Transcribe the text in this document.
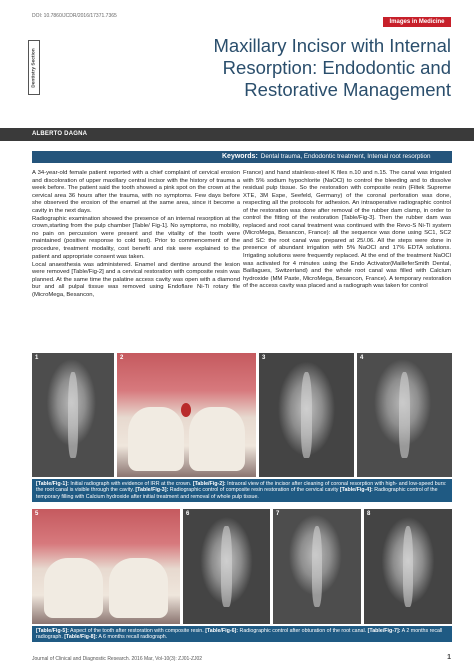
DOI: 10.7860/JCDR/2016/17371.7365
Images in Medicine
Dentistry Section
Maxillary Incisor with Internal
Resorption: Endodontic and
Restorative Management
ALBERTO DAGNA
Keywords: Dental trauma, Endodontic treatment, Internal root resorption

A 34-year-old female patient reported with a chief complaint of cervical erosion and discoloration of upper maxillary central incisor with the history of trauma a week before. The patient said the tooth showed a pink spot on the crown at the cervical area 36 hours after the trauma, with no symptoms. Few days before she observed the erosion of the enamel at the same area, since it become a cavity in the next days.

Radiographic examination showed the presence of an internal resorption at the crown,starting from the pulp chamber [Table/ Fig-1]. No symptoms, no mobility, no pain on percussion were present and the vitality of the tooth were maintained (positive response to cold test). Prior to commencement of the procedure, treatment modality, cost benefit and risk were explained to the patient and appropriate consent was taken.

Local anaesthesia was administered. Enamel and dentine around the lesion were removed [Table/Fig-2] and a cervical restoration with composite resin was planned. At the same time the palatine access cavity was open with a diamond bur and all pulpal tissue was removed using Endoflare Ni-Ti rotary file (MicroMega, Besancon,

France) and hand stainless-steel K files n.10 and n.15. The canal was irrigated with 5% sodium hypochlorite (NaOCl) to control the bleeding and to dissolve residual pulp tissue. So the restoration with composite resin (Filtek Supreme XTE, 3M Espe, Seefeld, Germany) of the coronal perforation was done, respecting all the protocols for adhesion. An intraoperative radiographic control of the restoration was done after removal of the rubber dam clamp, in order to control the fitting of the restoration [Table/Fig-3]. Then the rubber dam was replaced and root canal treatment was continued with the Revo-S Ni-Ti system (MicroMega, Besancon, France): all the sequence was done using SC1, SC2 and SC: the root canal was prepared at 25/.06. All the steps were done in presence of abundant irrigation with 5% NaOCl and 17% EDTA solutions. Irrigating solutions were frequently replaced. At the end of the treatment NaOCl was activated for 4 minutes using the Endo Activator(MailleferSmith Dental, Baillagues, Switzerland) and the whole root canal was filled with Calcium hydroxide (MM Paste, MicroMega, Besancon, France). A temporary restoration of the access cavity was placed and a radiograph was taken for control

1	2	3	4
[Table/Fig-1]: Initial radiograph with evidence of IRR at the crown. [Table/Fig-2]: Intraoral view of the incisor after cleaning of coronal resorption with high- and low-speed burs: the root canal is visible through the cavity. [Table/Fig-3]: Radiographic control of composite resin restoration of the cervical cavity [Table/Fig-4]: Radiographic control of the temporary filling with Calcium hydroxide after initial treatment and removal of whole pulp tissue.
5	6	7	8
[Table/Fig-5]: Aspect of the tooth after restoration with composite resin. [Table/Fig-6]: Radiographic control after obturation of the root canal. [Table/Fig-7]: A 2 months recall radiograph. [Table/Fig-8]: A 6 months recall radiograph.
Journal of Clinical and Diagnostic Research. 2016 Mar, Vol-10(3): ZJ01-ZJ02	1
